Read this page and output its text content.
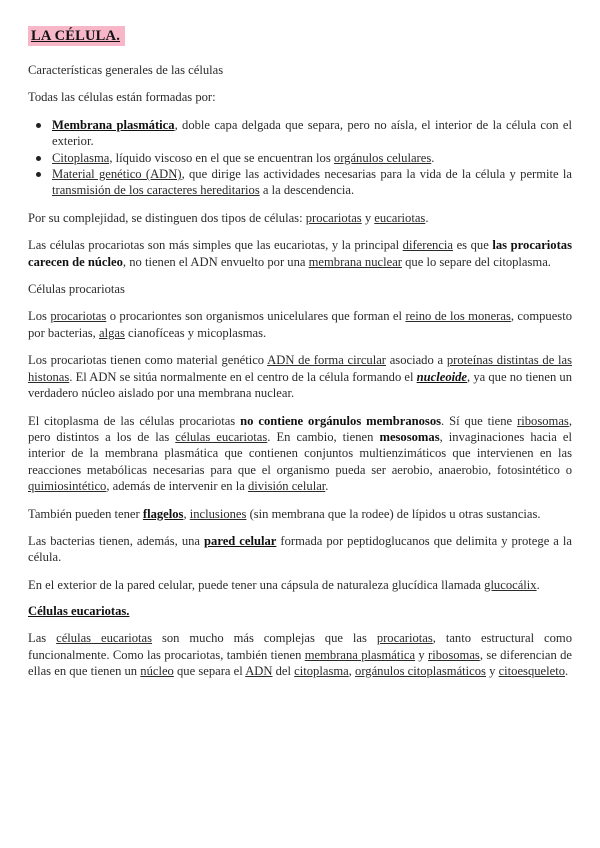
LA CÉLULA.

Características generales de las células

Todas las células están formadas por:

Membrana plasmática, doble capa delgada que separa, pero no aísla, el interior de la célula con el exterior.
Citoplasma, líquido viscoso en el que se encuentran los orgánulos celulares.
Material genético (ADN), que dirige las actividades necesarias para la vida de la célula y permite la transmisión de los caracteres hereditarios a la descendencia.

Por su complejidad, se distinguen dos tipos de células: procariotas y eucariotas.

Las células procariotas son más simples que las eucariotas, y la principal diferencia es que las procariotas carecen de núcleo, no tienen el ADN envuelto por una membrana nuclear que lo separe del citoplasma.

Células procariotas

Los procariotas o procariontes son organismos unicelulares que forman el reino de los moneras, compuesto por bacterias, algas cianofíceas y micoplasmas.

Los procariotas tienen como material genético ADN de forma circular asociado a proteínas distintas de las histonas. El ADN se sitúa normalmente en el centro de la célula formando el nucleoide, ya que no tienen un verdadero núcleo aislado por una membrana nuclear.

El citoplasma de las células procariotas no contiene orgánulos membranosos. Sí que tiene ribosomas, pero distintos a los de las células eucariotas. En cambio, tienen mesosomas, invaginaciones hacia el interior de la membrana plasmática que contienen conjuntos multienzimáticos que intervienen en las reacciones metabólicas necesarias para que el organismo pueda ser aerobio, anaerobio, fotosintético o quimiosintético, además de intervenir en la división celular.

También pueden tener flagelos, inclusiones (sin membrana que la rodee) de lípidos u otras sustancias.

Las bacterias tienen, además, una pared celular formada por peptidoglucanos que delimita y protege a la célula.

En el exterior de la pared celular, puede tener una cápsula de naturaleza glucídica llamada glucocálix.

Células eucariotas.

Las células eucariotas son mucho más complejas que las procariotas, tanto estructural como funcionalmente. Como las procariotas, también tienen membrana plasmática y ribosomas, se diferencian de ellas en que tienen un núcleo que separa el ADN del citoplasma, orgánulos citoplasmáticos y citoesqueleto.
